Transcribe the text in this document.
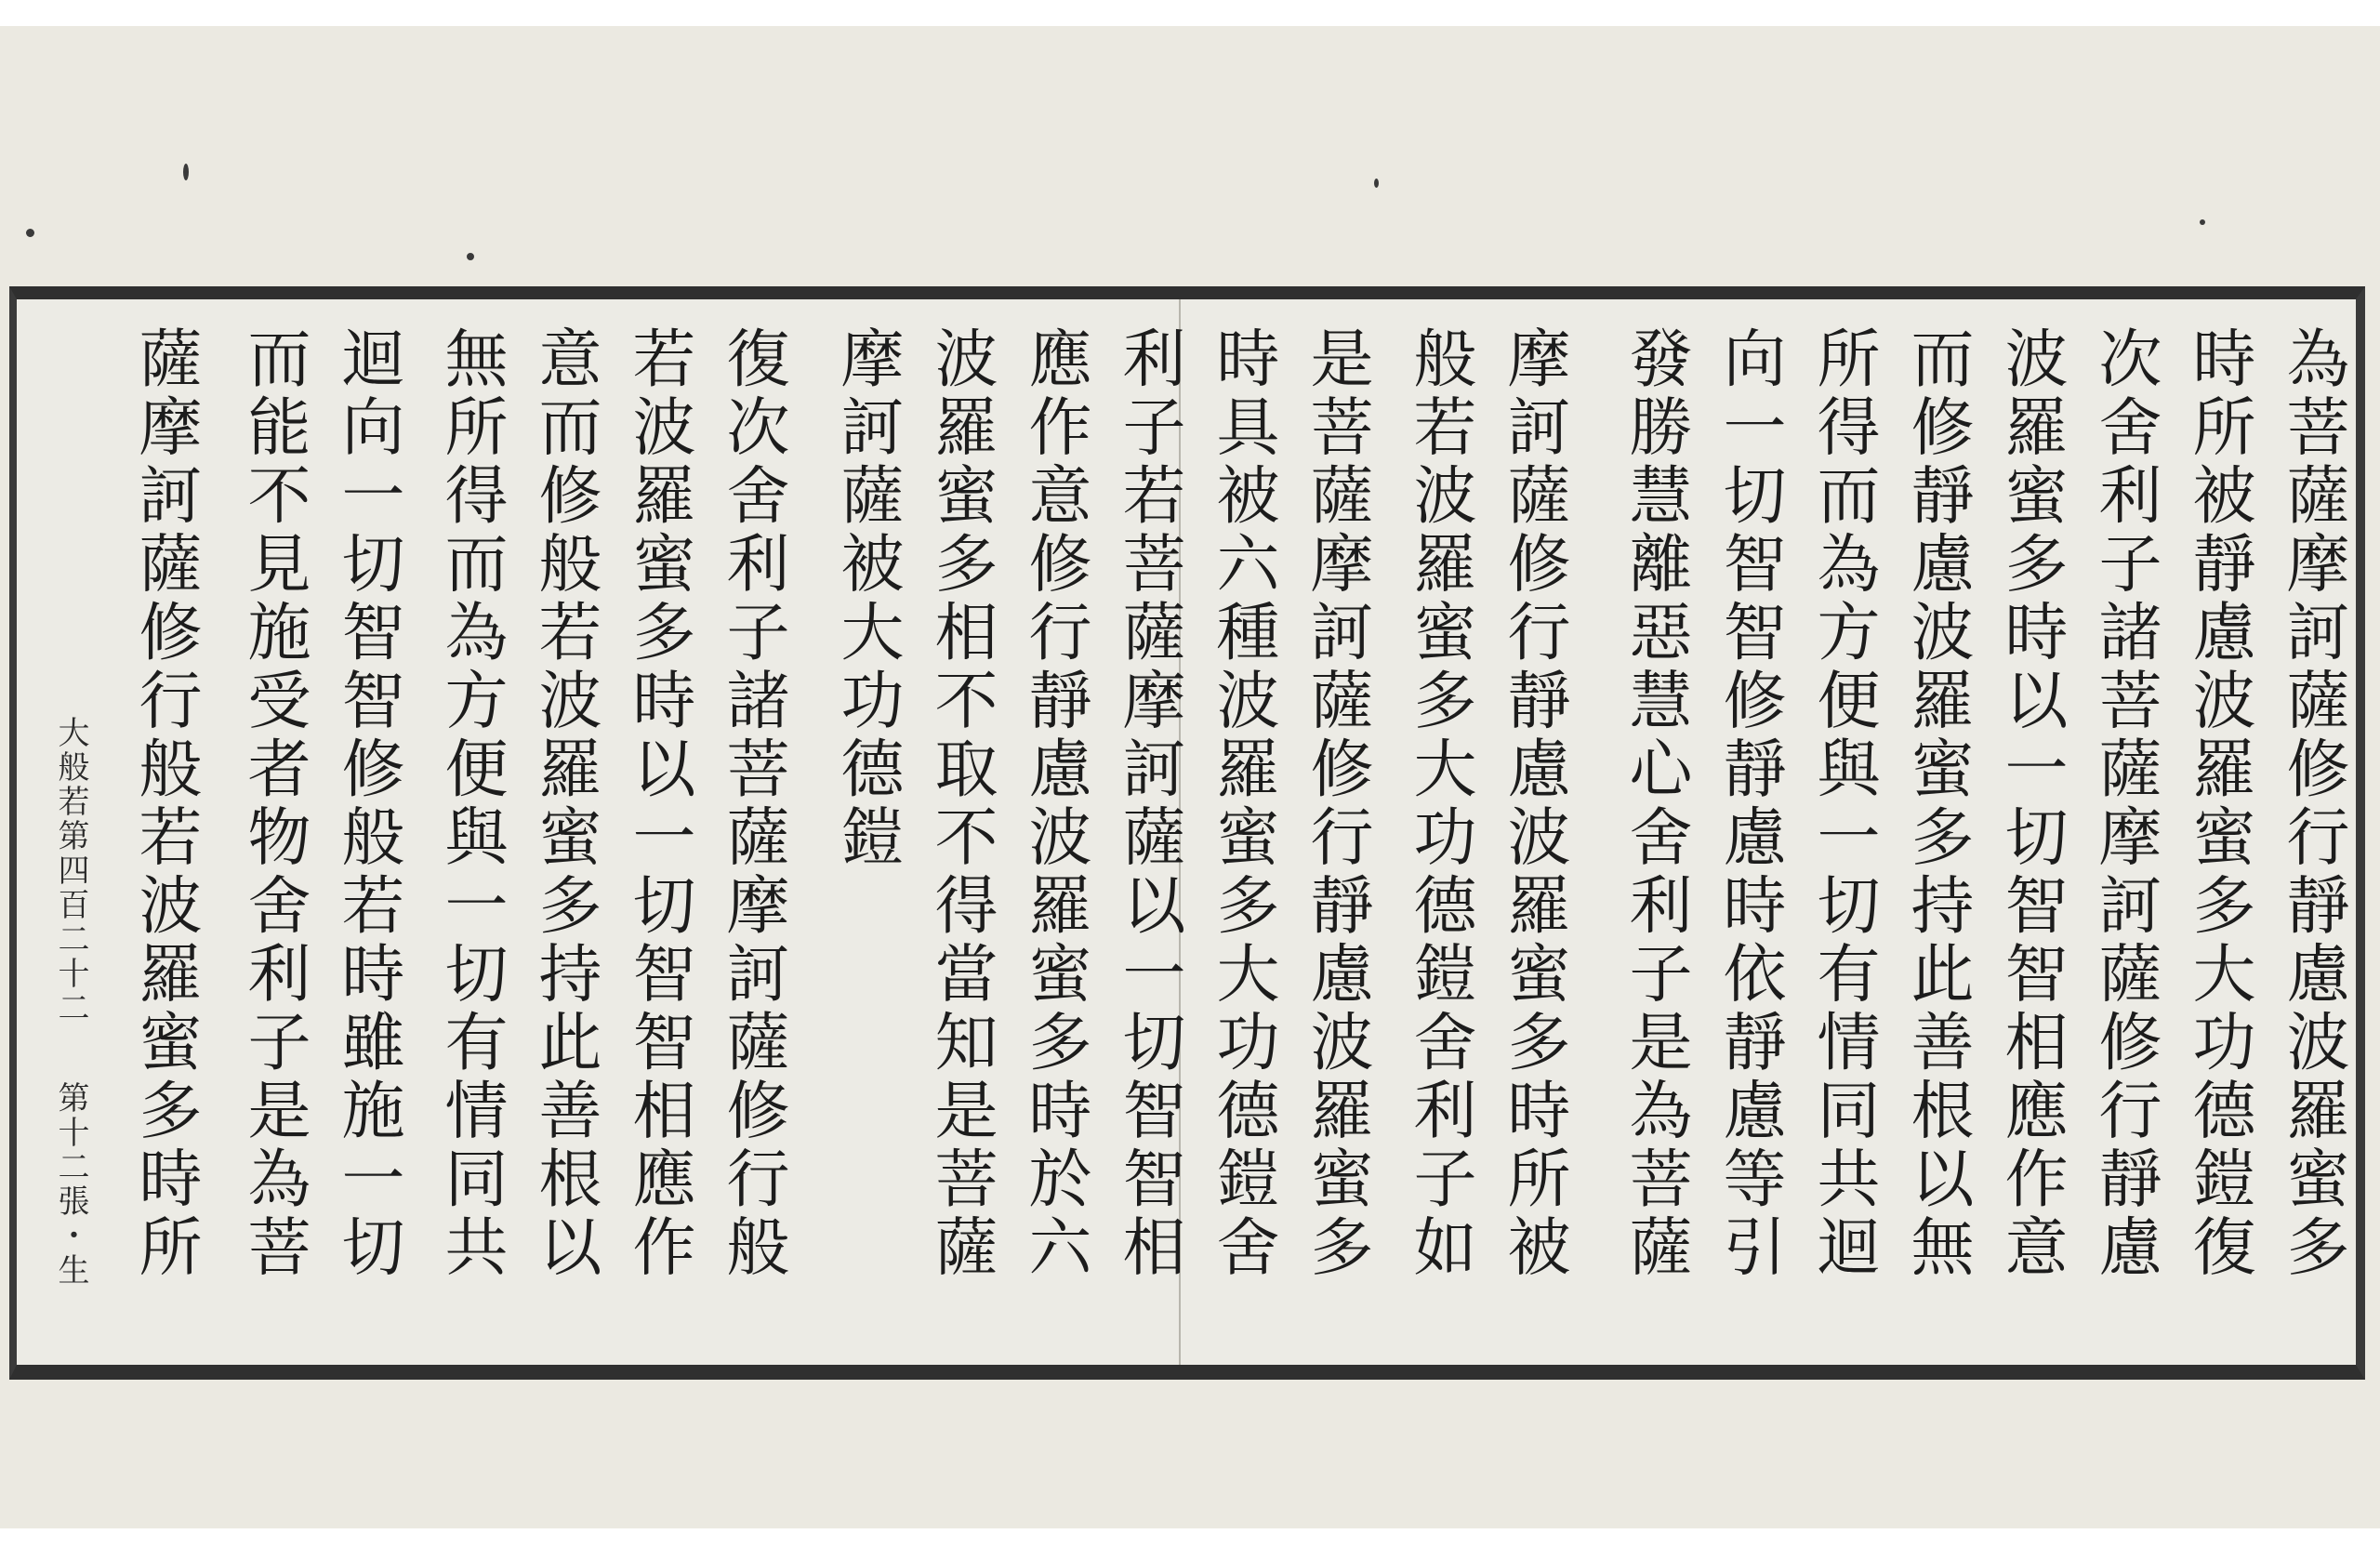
為菩薩摩訶薩修行靜慮波羅蜜多
時所被靜慮波羅蜜多大功德鎧復
次舍利子諸菩薩摩訶薩修行靜慮
波羅蜜多時以一切智智相應作意
而修靜慮波羅蜜多持此善根以無
所得而為方便與一切有情同共迴
向一切智智修靜慮時依靜慮等引
發勝慧離惡慧心舍利子是為菩薩
摩訶薩修行靜慮波羅蜜多時所被
般若波羅蜜多大功德鎧舍利子如
是菩薩摩訶薩修行靜慮波羅蜜多
時具被六種波羅蜜多大功德鎧舍
利子若菩薩摩訶薩以一切智智相
應作意修行靜慮波羅蜜多時於六
波羅蜜多相不取不得當知是菩薩
摩訶薩被大功德鎧
復次舍利子諸菩薩摩訶薩修行般
若波羅蜜多時以一切智智相應作
意而修般若波羅蜜多持此善根以
無所得而為方便與一切有情同共
迴向一切智智修般若時雖施一切
而能不見施受者物舍利子是為菩
薩摩訶薩修行般若波羅蜜多時所
大般若第四百二十二第十二張・生
